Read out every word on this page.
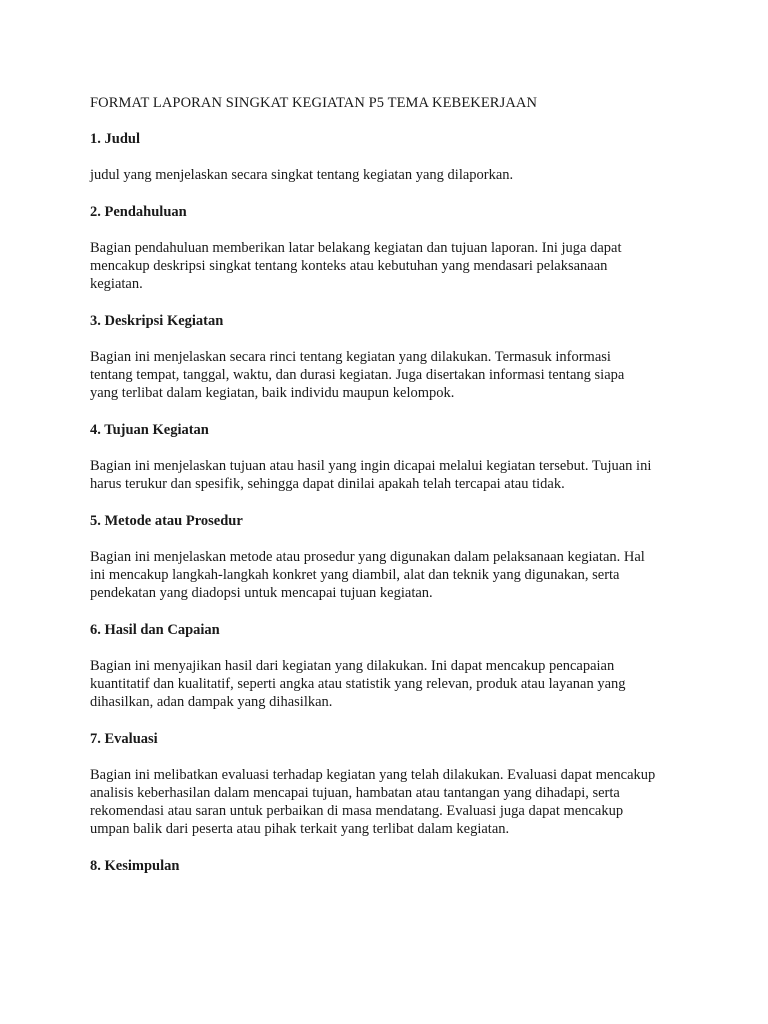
FORMAT LAPORAN SINGKAT KEGIATAN P5 TEMA KEBEKERJAAN
1. Judul
judul yang menjelaskan secara singkat tentang kegiatan yang dilaporkan.
2. Pendahuluan
Bagian pendahuluan memberikan latar belakang kegiatan dan tujuan laporan. Ini juga dapat
mencakup deskripsi singkat tentang konteks atau kebutuhan yang mendasari pelaksanaan
kegiatan.
3. Deskripsi Kegiatan
Bagian ini menjelaskan secara rinci tentang kegiatan yang dilakukan. Termasuk informasi
tentang tempat, tanggal, waktu, dan durasi kegiatan. Juga disertakan informasi tentang siapa
yang terlibat dalam kegiatan, baik individu maupun kelompok.
4. Tujuan Kegiatan
Bagian ini menjelaskan tujuan atau hasil yang ingin dicapai melalui kegiatan tersebut. Tujuan ini
harus terukur dan spesifik, sehingga dapat dinilai apakah telah tercapai atau tidak.
5. Metode atau Prosedur
Bagian ini menjelaskan metode atau prosedur yang digunakan dalam pelaksanaan kegiatan. Hal
ini mencakup langkah-langkah konkret yang diambil, alat dan teknik yang digunakan, serta
pendekatan yang diadopsi untuk mencapai tujuan kegiatan.
6. Hasil dan Capaian
Bagian ini menyajikan hasil dari kegiatan yang dilakukan. Ini dapat mencakup pencapaian
kuantitatif dan kualitatif, seperti angka atau statistik yang relevan, produk atau layanan yang
dihasilkan, adan dampak yang dihasilkan.
7. Evaluasi
Bagian ini melibatkan evaluasi terhadap kegiatan yang telah dilakukan. Evaluasi dapat mencakup
analisis keberhasilan dalam mencapai tujuan, hambatan atau tantangan yang dihadapi, serta
rekomendasi atau saran untuk perbaikan di masa mendatang. Evaluasi juga dapat mencakup
umpan balik dari peserta atau pihak terkait yang terlibat dalam kegiatan.
8. Kesimpulan
